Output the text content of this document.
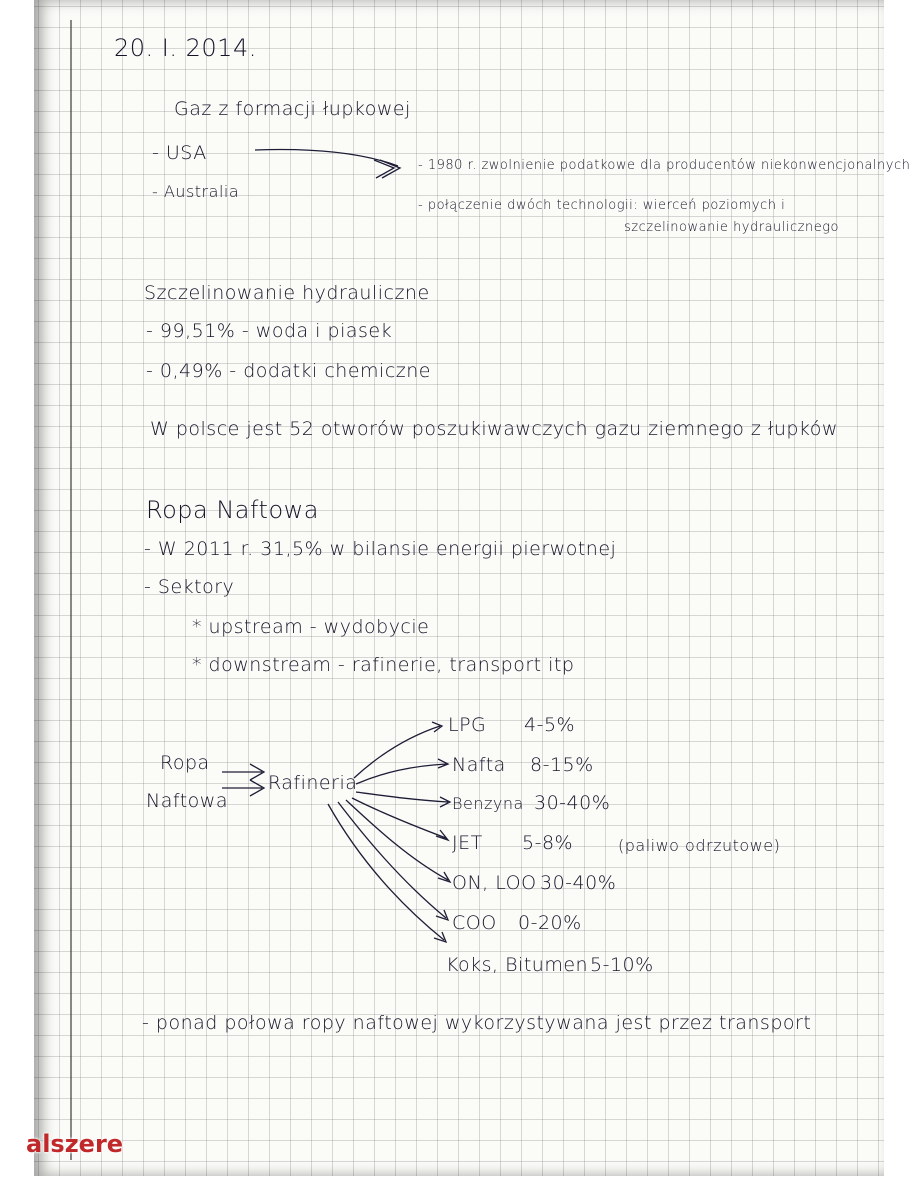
20. I. 2014.
Gaz z formacji łupkowej
- USA
- Australia
- 1980 r. zwolnienie podatkowe dla producentów niekonwencjonalnych
- połączenie dwóch technologii: wierceń poziomych i
szczelinowanie hydraulicznego
Szczelinowanie hydrauliczne
- 99,51% - woda i piasek
- 0,49% - dodatki chemiczne
W polsce jest 52 otworów poszukiwawczych gazu ziemnego z łupków
Ropa Naftowa
- W 2011 r. 31,5% w bilansie energii pierwotnej
- Sektory
* upstream - wydobycie
* downstream - rafinerie, transport itp
Ropa
Naftowa
Rafineria
LPG 4-5%
Nafta 8-15%
Benzyna 30-40%
JET 5-8%	(paliwo odrzutowe)
ON, LOO 30-40%
COO 0-20%
Koks, Bitumen 5-10%
- ponad połowa ropy naftowej wykorzystywana jest przez transport
alszere
